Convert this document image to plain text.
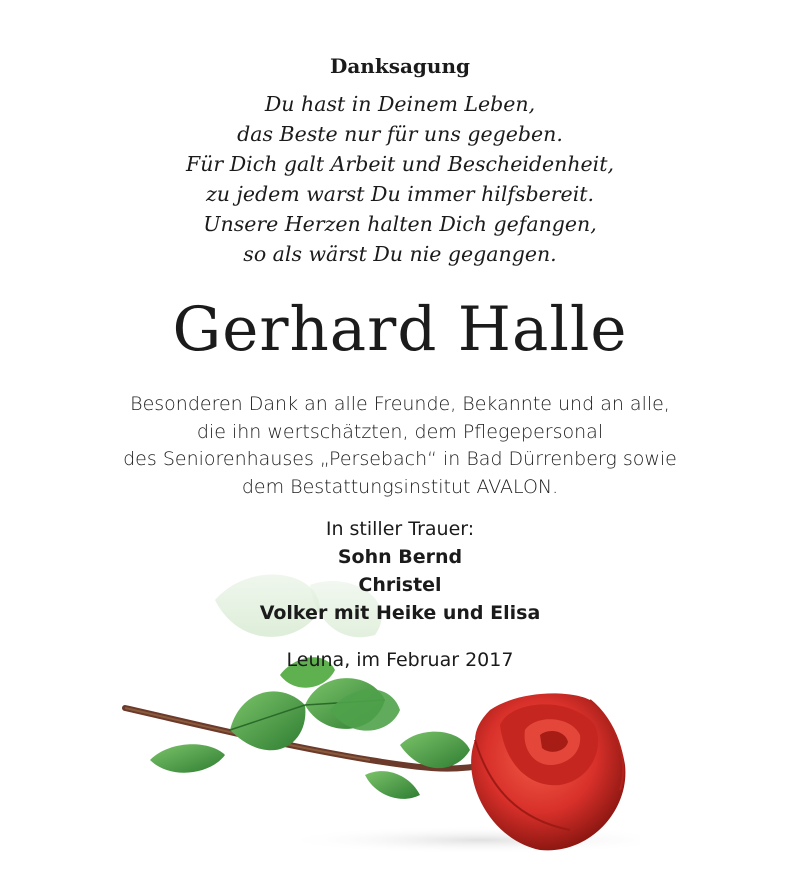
Danksagung
Du hast in Deinem Leben,
das Beste nur für uns gegeben.
Für Dich galt Arbeit und Bescheidenheit,
zu jedem warst Du immer hilfsbereit.
Unsere Herzen halten Dich gefangen,
so als wärst Du nie gegangen.
Gerhard Halle
Besonderen Dank an alle Freunde, Bekannte und an alle,
die ihn wertschätzten, dem Pflegepersonal
des Seniorenhauses „Persebach“ in Bad Dürrenberg sowie
dem Bestattungsinstitut AVALON.
In stiller Trauer:
Sohn Bernd
Christel
Volker mit Heike und Elisa
Leuna, im Februar 2017
